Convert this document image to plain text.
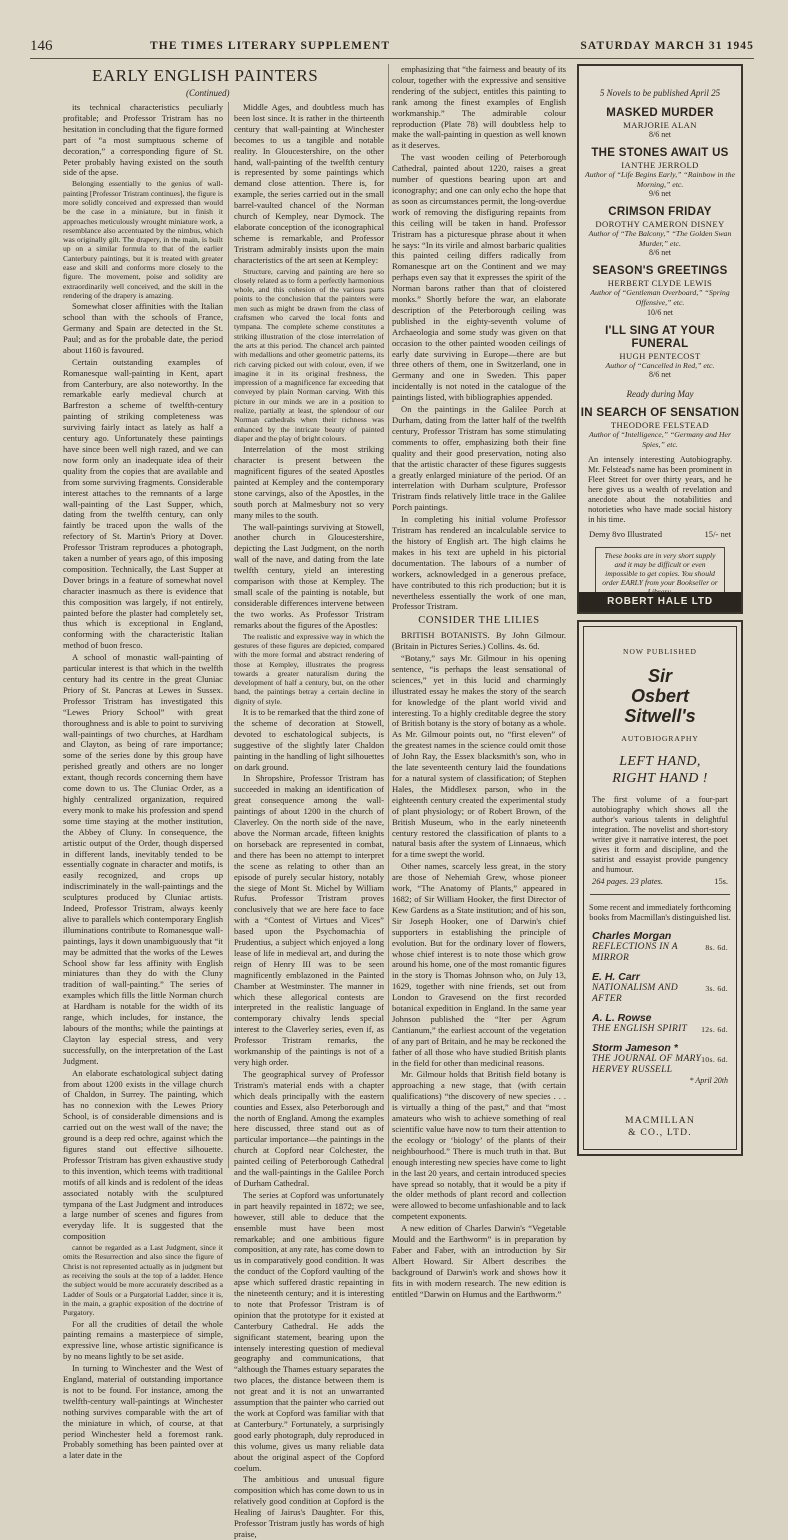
146	THE TIMES LITERARY SUPPLEMENT	SATURDAY MARCH 31 1945
EARLY ENGLISH PAINTERS
(Continued)

its technical characteristics peculiarly profitable; and Professor Tristram has no hesitation in concluding that the figure formed part of “a most sumptuous scheme of decoration,” a corresponding figure of St. Peter probably having existed on the south side of the apse.

Belonging essentially to the genius of wall-painting [Professor Tristram continues], the figure is more solidly conceived and expressed than would be the case in a miniature, but in finish it approaches meticulously wrought miniature work, a resemblance also accentuated by the nimbus, which was originally gilt. The drapery, in the main, is built up on a similar formula to that of the earlier Canterbury paintings, but it is treated with greater ease and skill and conforms more closely to the figure. The movement, poise and solidity are extraordinarily well conceived, and the skill in the rendering of the drapery is amazing.

Somewhat closer affinities with the Italian school than with the schools of France, Germany and Spain are detected in the St. Paul; and as for the probable date, the period about 1160 is favoured.

Certain outstanding examples of Romanesque wall-painting in Kent, apart from Canterbury, are also noteworthy. In the remarkable early medieval church at Barfreston a scheme of twelfth-century painting of striking completeness was surviving fairly intact as lately as half a century ago. Unfortunately these paintings have since been well nigh razed, and we can now form only an inadequate idea of their quality from the copies that are available and from some surviving fragments. Considerable interest attaches to the remnants of a large wall-painting of the Last Supper, which, dating from the twelfth century, can only faintly be traced upon the walls of the refectory of St. Martin's Priory at Dover. Professor Tristram reproduces a photograph, taken a number of years ago, of this imposing composition. Technically, the Last Supper at Dover brings in a feature of somewhat novel character inasmuch as there is evidence that this composition was largely, if not entirely, painted before the plaster had completely set, thus which is exceptional in England, conforming with the characteristic Italian method of buon fresco.

A school of monastic wall-painting of particular interest is that which in the twelfth century had its centre in the great Cluniac Priory of St. Pancras at Lewes in Sussex. Professor Tristram has investigated this “Lewes Priory School” with great thoroughness and is able to point to surviving wall-paintings of two churches, at Hardham and Clayton, as being of rare importance; some of the series done by this group have perished greatly and others are no longer extant, though records concerning them have come down to us. The Cluniac Order, as a highly centralized organization, required every monk to make his profession and spend some time staying at the mother institution, the Abbey of Cluny. In consequence, the artistic output of the Order, though dispersed in different lands, inevitably tended to be essentially cognate in character and motifs, is easily recognized, and crops up indiscriminately in the wall-paintings and the sculptures produced by Cluniac artists. Indeed, Professor Tristram, always keenly alive to parallels which contemporary English illuminations contribute to Romanesque wall-paintings, lays it down unambiguously that “it may be admitted that the works of the Lewes School show far less affinity with English miniatures than they do with the Cluny tradition of wall-painting.” The series of examples which fills the little Norman church at Hardham is notable for the width of its range, which includes, for instance, the labours of the months; while the paintings at Clayton lay especial stress, and very successfully, on the interpretation of the Last Judgment.

An elaborate eschatological subject dating from about 1200 exists in the village church of Chaldon, in Surrey. The painting, which has no connexion with the Lewes Priory School, is of considerable dimensions and is carried out on the west wall of the nave; the ground is a deep red ochre, against which the figures stand out effective silhouette. Professor Tristram has given exhaustive study to this invention, which teems with traditional motifs of all kinds and is redolent of the ideas associated notably with the sculptured tympana of the Last Judgment and introduces a large number of scenes and figures from everyday life. It is suggested that the composition

cannot be regarded as a Last Judgment, since it omits the Resurrection and also since the figure of Christ is not represented actually as in judgment but as receiving the souls at the top of a ladder. Hence the subject would be more accurately described as a Ladder of Souls or a Purgatorial Ladder, since it is, in the main, a graphic exposition of the doctrine of Purgatory.

For all the crudities of detail the whole painting remains a masterpiece of simple, expressive line, whose artistic significance is by no means lightly to be set aside.

In turning to Winchester and the West of England, material of outstanding importance is not to be found. For instance, among the twelfth-century wall-paintings at Winchester nothing survives comparable with the art of the miniature in which, of course, at that period Winchester held a foremost rank. Probably something has been painted over at a later date in the

Middle Ages, and doubtless much has been lost since. It is rather in the thirteenth century that wall-painting at Winchester becomes to us a tangible and notable reality. In Gloucestershire, on the other hand, wall-painting of the twelfth century is represented by some paintings which demand close attention. There is, for example, the series carried out in the small barrel-vaulted chancel of the Norman church of Kempley, near Dymock. The elaborate conception of the iconographical scheme is remarkable, and Professor Tristram admirably insists upon the main characteristics of the art seen at Kempley:

Structure, carving and painting are here so closely related as to form a perfectly harmonious whole, and this cohesion of the various parts points to the conclusion that the painters were men such as might be drawn from the class of craftsmen who carved the local fonts and tympana. The complete scheme constitutes a striking illustration of the close interrelation of the arts at this period. The chancel arch painted with medallions and other geometric patterns, its rich carving picked out with colour, even, if we imagine it in its original freshness, the impression of a magnificence far exceeding that conveyed by plain Norman carving. With this picture in our minds we are in a position to realize, partially at least, the splendour of our Norman cathedrals when their richness was enhanced by the intricate beauty of painted diaper and the play of bright colours.

Interrelation of the most striking character is present between the magnificent figures of the seated Apostles painted at Kempley and the contemporary stone carvings, also of the Apostles, in the south porch at Malmesbury not so very many miles to the south.

The wall-paintings surviving at Stowell, another church in Gloucestershire, depicting the Last Judgment, on the north wall of the nave, and dating from the late twelfth century, yield an interesting comparison with those at Kempley. The small scale of the painting is notable, but considerable differences intervene between the two works. As Professor Tristram remarks about the figures of the Apostles:

The realistic and expressive way in which the gestures of these figures are depicted, compared with the more formal and abstract rendering of those at Kempley, illustrates the progress towards a greater naturalism during the development of half a century, but, on the other hand, the paintings betray a certain decline in dignity of style.

It is to be remarked that the third zone of the scheme of decoration at Stowell, devoted to eschatological subjects, is suggestive of the slightly later Chaldon painting in the handling of light silhouettes on dark ground.

In Shropshire, Professor Tristram has succeeded in making an identification of great consequence among the wall-paintings of about 1200 in the church of Claverley. On the north side of the nave, above the Norman arcade, fifteen knights on horseback are represented in combat, and there has been no attempt to interpret the scene as relating to other than an episode of purely secular history, notably the siege of Mont St. Michel by William Rufus. Professor Tristram proves conclusively that we are here face to face with a “Contest of Virtues and Vices” based upon the Psychomachia of Prudentius, a subject which enjoyed a long lease of life in medieval art, and during the reign of Henry III was to be seen magnificently emblazoned in the Painted Chamber at Westminster. The manner in which these allegorical contests are interpreted in the realistic language of contemporary chivalry lends special interest to the Claverley series, even if, as Professor Tristram remarks, the workmanship of the paintings is not of a very high order.

The geographical survey of Professor Tristram's material ends with a chapter which deals principally with the eastern counties and Essex, also Peterborough and the north of England. Among the examples here discussed, three stand out as of particular importance—the paintings in the church at Copford near Colchester, the painted ceiling of Peterborough Cathedral and the wall-paintings in the Galilee Porch of Durham Cathedral.

The series at Copford was unfortunately in part heavily repainted in 1872; we see, however, still able to deduce that the ensemble must have been most remarkable; and one ambitious figure composition, at any rate, has come down to us in comparatively good condition. It was the conduct of the Copford vaulting of the apse which suffered drastic repainting in the nineteenth century; and it is interesting to note that Professor Tristram is of opinion that the prototype for it existed at Canterbury Cathedral. He adds the significant statement, bearing upon the intensely interesting question of medieval geography and communications, that “although the Thames estuary separates the two places, the distance between them is not great and it is not an unwarranted assumption that the painter who carried out the work at Copford was familiar with that at Canterbury.” Fortunately, a surprisingly good early photograph, duly reproduced in this volume, gives us many reliable data about the original aspect of the Copford coelum.

The ambitious and unusual figure composition which has come down to us in relatively good condition at Copford is the Healing of Jairus's Daughter. For this, Professor Tristram justly has words of high praise,

emphasizing that “the fairness and beauty of its colour, together with the expressive and sensitive rendering of the subject, entitles this painting to rank among the finest examples of English workmanship.” The admirable colour reproduction (Plate 78) will doubtless help to make the wall-painting in question as well known as it deserves.

The vast wooden ceiling of Peterborough Cathedral, painted about 1220, raises a great number of questions bearing upon art and iconography; and one can only echo the hope that as soon as circumstances permit, the long-overdue work of removing the disfiguring repaints from this ceiling will be taken in hand. Professor Tristram has a picturesque phrase about it when he says: “In its virile and almost barbaric qualities this painted ceiling differs radically from Romanesque art on the Continent and we may perhaps even say that it expresses the spirit of the Norman barons rather than that of cloistered monks.” Shortly before the war, an elaborate description of the Peterborough ceiling was published in the eighty-seventh volume of Archaeologia and some study was given on that occasion to the other painted wooden ceilings of early date surviving in Europe—there are but three others of them, one in Switzerland, one in Germany and one in Sweden. This paper incidentally is not noted in the catalogue of the paintings listed, with bibliographies appended.

On the paintings in the Galilee Porch at Durham, dating from the latter half of the twelfth century, Professor Tristram has some stimulating comments to offer, emphasizing both their fine quality and their good preservation, noting also that the artistic character of these figures suggests a greatly enlarged miniature of the period. Of an interrelation with Durham sculpture, Professor Tristram finds relatively little trace in the Galilee Porch paintings.

In completing his initial volume Professor Tristram has rendered an incalculable service to the history of English art. The high claims he makes in his text are upheld in his pictorial documentation. The labours of a number of workers, acknowledged in a generous preface, have contributed to this rich production; but it is nevertheless essentially the work of one man, Professor Tristram.

CONSIDER THE LILIES

BRITISH BOTANISTS. By John Gilmour. (Britain in Pictures Series.) Collins. 4s. 6d.

“Botany,” says Mr. Gilmour in his opening sentence, “is perhaps the least sensational of sciences,” yet in this lucid and charmingly illustrated essay he makes the story of the search for knowledge of the plant world vivid and interesting. To a highly creditable degree the story of British botany is the story of botany as a whole. As Mr. Gilmour points out, no “first eleven” of the greatest names in the science could omit those of John Ray, the Essex blacksmith's son, who in the late seventeenth century laid the foundations for a natural system of classification; of Stephen Hales, the Middlesex parson, who in the eighteenth century created the experimental study of plant physiology; or of Robert Brown, of the British Museum, who in the early nineteenth century restored the classification of plants to a natural basis after the system of Linnaeus, which for a time swept the world.

Other names, scarcely less great, in the story are those of Nehemiah Grew, whose pioneer work, “The Anatomy of Plants,” appeared in 1682; of Sir William Hooker, the first Director of Kew Gardens as a State institution; and of his son, Sir Joseph Hooker, one of Darwin's chief supporters in establishing the principle of evolution. But for the ordinary lover of flowers, whose chief interest is to note those which grow around his home, one of the most romantic figures in the story is Thomas Johnson who, on July 13, 1629, together with nine friends, set out from London to Gravesend on the first recorded botanical expedition in England. In the same year Johnson published the “Iter per Agrum Cantianum,” the earliest account of the vegetation of any part of Britain, and he may be reckoned the father of all those who have studied British plants in the field for other than medicinal reasons.

Mr. Gilmour holds that British field botany is approaching a new stage, that (with certain qualifications) “the discovery of new species . . . is virtually a thing of the past,” and that “most amateurs who wish to achieve something of real scientific value have now to turn their attention to the ecology or ‘biology’ of the plants of their neighbourhood.” There is much truth in that. But enough interesting new species have come to light in the last 20 years, and certain introduced species have spread so notably, that it would be a pity if the older methods of plant record and collection were allowed to become unfashionable and to lack competent exponents.

A new edition of Charles Darwin's “Vegetable Mould and the Earthworm” is in preparation by Faber and Faber, with an introduction by Sir Albert Howard. Sir Albert describes the background of Darwin's work and shows how it fits in with modern research. The new edition is entitled “Darwin on Humus and the Earthworm.”

5 Novels to be published April 25
MASKED MURDER
MARJORIE ALAN
8/6 net
THE STONES AWAIT US
IANTHE JERROLD
Author of “Life Begins Early,” “Rainbow in the Morning,” etc.
9/6 net
CRIMSON FRIDAY
DOROTHY CAMERON DISNEY
Author of “The Balcony,” “The Golden Swan Murder,” etc.
8/6 net
SEASON'S GREETINGS
HERBERT CLYDE LEWIS
Author of “Gentleman Overboard,” “Spring Offensive,” etc.
10/6 net
I'LL SING AT YOUR FUNERAL
HUGH PENTECOST
Author of “Cancelled in Red,” etc.
8/6 net
Ready during May
IN SEARCH OF SENSATION
THEODORE FELSTEAD
Author of “Intelligence,” “Germany and Her Spies,” etc.
An intensely interesting Autobiography. Mr. Felstead's name has been prominent in Fleet Street for over thirty years, and he here gives us a wealth of revelation and anecdote about the notabilities and notorieties who have made social history in his time.
15/- net
Demy 8vo Illustrated
These books are in very short supply and it may be difficult or even impossible to get copies. You should order EARLY from your Bookseller or
ROBERT HALE LTD
NOW PUBLISHED
Sir
Osbert
Sitwell's
AUTOBIOGRAPHY
LEFT HAND,
RIGHT HAND !
The first volume of a four-part autobiography which shows all the author's various talents in delightful integration. The novelist and short-story writer give it narrative interest, the poet gives it form and discipline, and the satirist and essayist provide pungency and humour.
15s.
264 pages. 23 plates.
Some recent and immediately forthcoming books from Macmillan's distinguished list.
Charles Morgan
8s. 6d.
REFLECTIONS IN A MIRROR
E. H. Carr
3s. 6d.
NATIONALISM AND AFTER
A. L. Rowse
12s. 6d.
THE ENGLISH SPIRIT
Storm Jameson *
10s. 6d.
THE JOURNAL OF MARY HERVEY RUSSELL
* April 20th
MACMILLAN
& CO., LTD.
